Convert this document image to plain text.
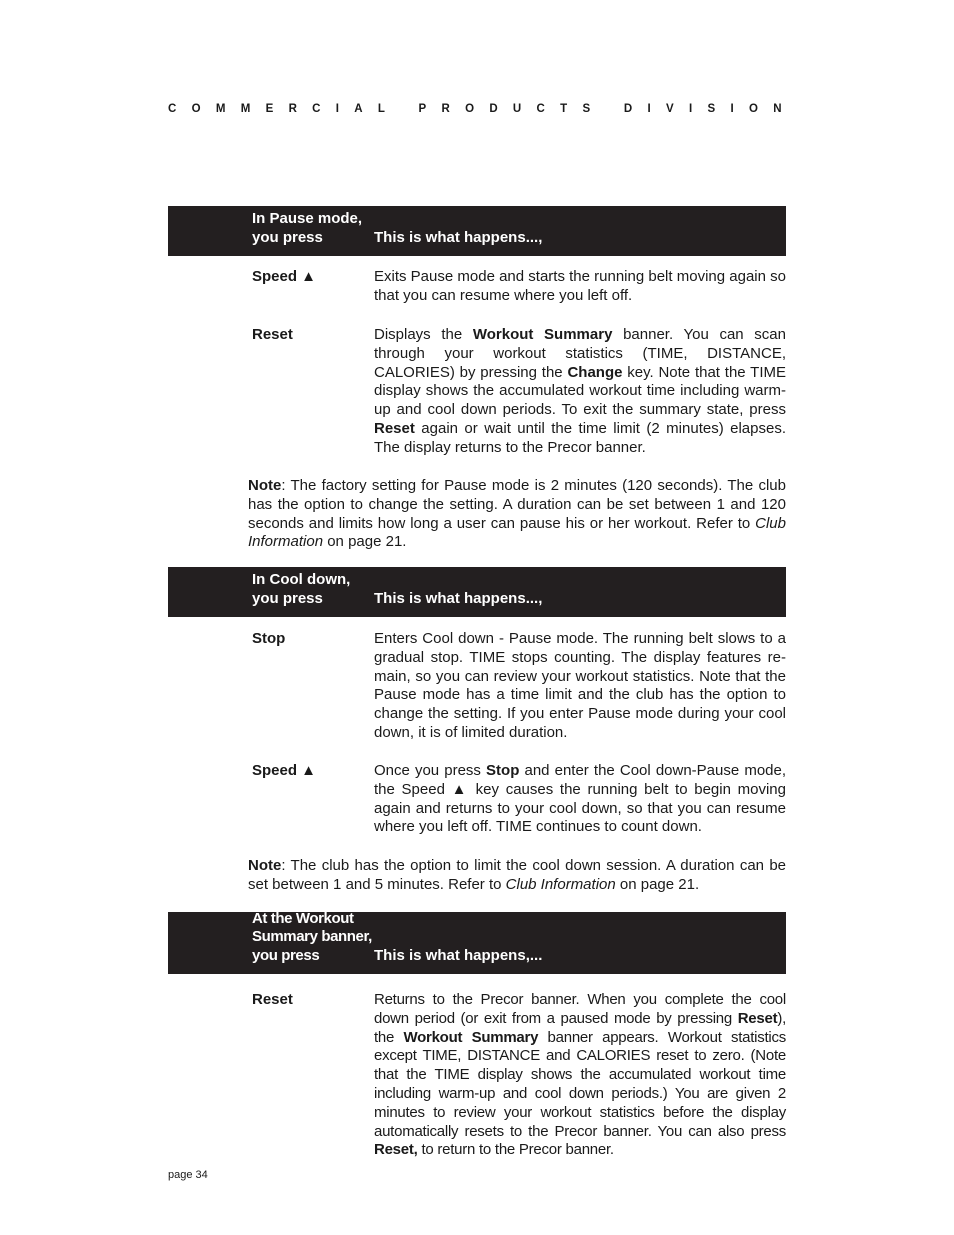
COMMERCIAL PRODUCTS DIVISION
In Pause mode,
you press	This is what happens...,
Speed ▲	Exits Pause mode and starts the running belt moving again so that you can resume where you left off.
Reset	Displays the Workout Summary banner. You can scan through your workout statistics (TIME, DISTANCE, CALORIES) by pressing the Change key. Note that the TIME display shows the accumulated workout time including warm-up and cool down periods. To exit the summary state, press Reset again or wait until the time limit (2 minutes) elapses. The display returns to the Precor banner.
Note: The factory setting for Pause mode is 2 minutes (120 seconds). The club has the option to change the setting. A duration can be set between 1 and 120 seconds and limits how long a user can pause his or her workout. Refer to Club Information on page 21.
In Cool down,
you press	This is what happens...,
Stop	Enters Cool down - Pause mode. The running belt slows to a gradual stop. TIME stops counting. The display features re-main, so you can review your workout statistics. Note that the Pause mode has a time limit and the club has the option to change the setting. If you enter Pause mode during your cool down, it is of limited duration.
Speed ▲	Once you press Stop and enter the Cool down-Pause mode, the Speed ▲ key causes the running belt to begin moving again and returns to your cool down, so that you can resume where you left off. TIME continues to count down.
Note: The club has the option to limit the cool down session. A duration can be set between 1 and 5 minutes. Refer to Club Information on page 21.
At the Workout
Summary banner,
you press	This is what happens,...
Reset	Returns to the Precor banner. When you complete the cool down period (or exit from a paused mode by pressing Reset), the Workout Summary banner appears. Workout statistics except TIME, DISTANCE and CALORIES reset to zero. (Note that the TIME display shows the accumulated workout time including warm-up and cool down periods.) You are given 2 minutes to review your workout statistics before the display automatically resets to the Precor banner. You can also press Reset, to return to the Precor banner.
page 34
